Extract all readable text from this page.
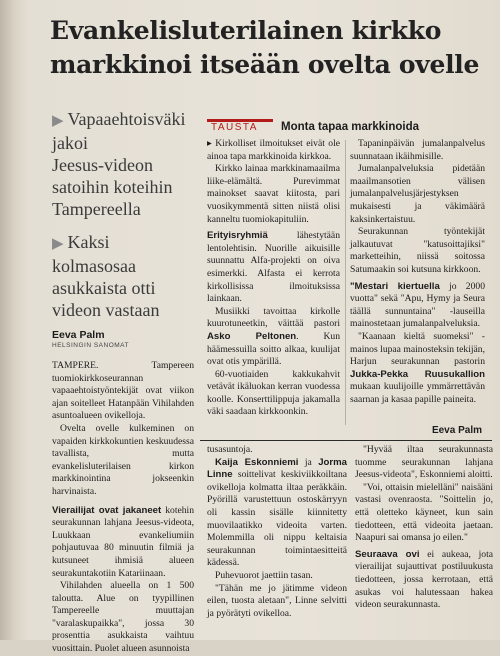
Evankelisluterilainen kirkko
markkinoi itseään ovelta ovelle
▶ Vapaaehtoisväki
jakoi
Jeesus-videon
satoihin koteihin
Tampereella
▶ Kaksi
kolmasosaa
asukkaista otti
videon vastaan
Eeva Palm
HELSINGIN SANOMAT

TAMPERE. Tampereen tuomiokirkkoseurannan vapaaehtoistyöntekijät ovat viikon ajan soitelleet Hatanpään Vihilahden asuntoalueen ovikelloja.

Ovelta ovelle kulkeminen on vapaiden kirkkokuntien keskuudessa tavallista, mutta evankelisluterilaisen kirkon markkinointina jokseenkin harvinaista.

Vierailijat ovat jakaneet kotehin seurakunnan lahjana Jeesus-videota, Luukkaan evankeliumiin pohjautuvaa 80 minuutin filmiä ja kutsuneet ihmisiä alueen seurakuntakotiin Katariinaan.

Vihilahden alueella on 1 500 taloutta. Alue on tyypillinen Tampereelle muuttajan "varalaskupaikka", jossa 30 prosenttia asukkaista vaihtuu vuosittain. Puolet alueen asunnoista

TAUSTA Monta tapaa markkinoida

▸ Kirkolliset ilmoitukset eivät ole ainoa tapa markkinoida kirkkoa.

Kirkko lainaa markkinamaailma liike-elämältä. Purevimmat mainokset saavat kiitosta, pari vuosikymmentä sitten niistä olisi kanneltu tuomiokapituliin.

Erityisryhmiä lähestytään lentolehtisin. Nuorille aikuisille suunnattu Alfa-projekti on oiva esimerkki. Alfasta ei kerrota kirkollisissa ilmoituksissa lainkaan.

Musiikki tavoittaa kirkolle kuurotuneetkin, väittää pastori Asko Peltonen. Kun häämessuilla soitto alkaa, kuulijat ovat otis ympärillä.

60-vuotiaiden kakkukahvit vetävät ikäluokan kerran vuodessa koolle. Konserttilippuja jakamalla väki saadaan kirkkoonkin.

Tapaninpäivän jumalanpalvelus suunnataan ikäihmisille.

Jumalanpalveluksia pidetään maailmansotien välisen jumalanpalvelusjärjestyksen mukaisesti ja väkimäärä kaksinkertaistuu.

Seurakunnan työntekijät jalkautuvat "katusoittajiksi" marketteihin, niissä soitossa Satumaakin soi kutsuna kirkkoon.

"Mestari kiertuella jo 2000 vuotta" sekä "Apu, Hymy ja Seura täällä sunnuntaina" -lauseilla mainostetaan jumalanpalveluksia.

"Kaanaan kieltä suomeksi" -mainos lupaa mainosteksin tekijän, Harjun seurakunnan pastorin Jukka-Pekka Ruusukallion mukaan kuulijoille ymmärrettävän saarnan ja kasaa papille paineita.

Eeva Palm

tusasuntoja.

Kaija Eskonniemi ja Jorma Linne soittelivat keskiviikkoiltana ovikelloja kolmatta iltaa peräkkäin. Pyörillä varustettuun ostoskärryyn oli kassin sisälle kiinnitetty muovilaatikko videoita varten. Molemmilla oli nippu keltaisia seurakunnan toimintaesitteitä kädessä.

Puhevuorot jaettiin tasan.

"Tähän me jo jätimme videon eilen, tuosta aletaan", Linne selvitti ja pyörätyti ovikelloa.

"Hyvää iltaa seurakunnasta tuomme seurakunnan lahjana Jeesus-videota", Eskonniemi aloitti.

"Voi, ottaisin mielelläni" naisääni vastasi ovenraosta. "Soittelin jo, että oletteko käyneet, kun sain tiedotteen, että videoita jaetaan. Naapuri sai omansa jo eilen."

Seuraava ovi ei aukeaa, jota vierailijat sujauttivat postiluukusta tiedotteen, jossa kerrotaan, että asukas voi halutessaan hakea videon seurakunnasta.
